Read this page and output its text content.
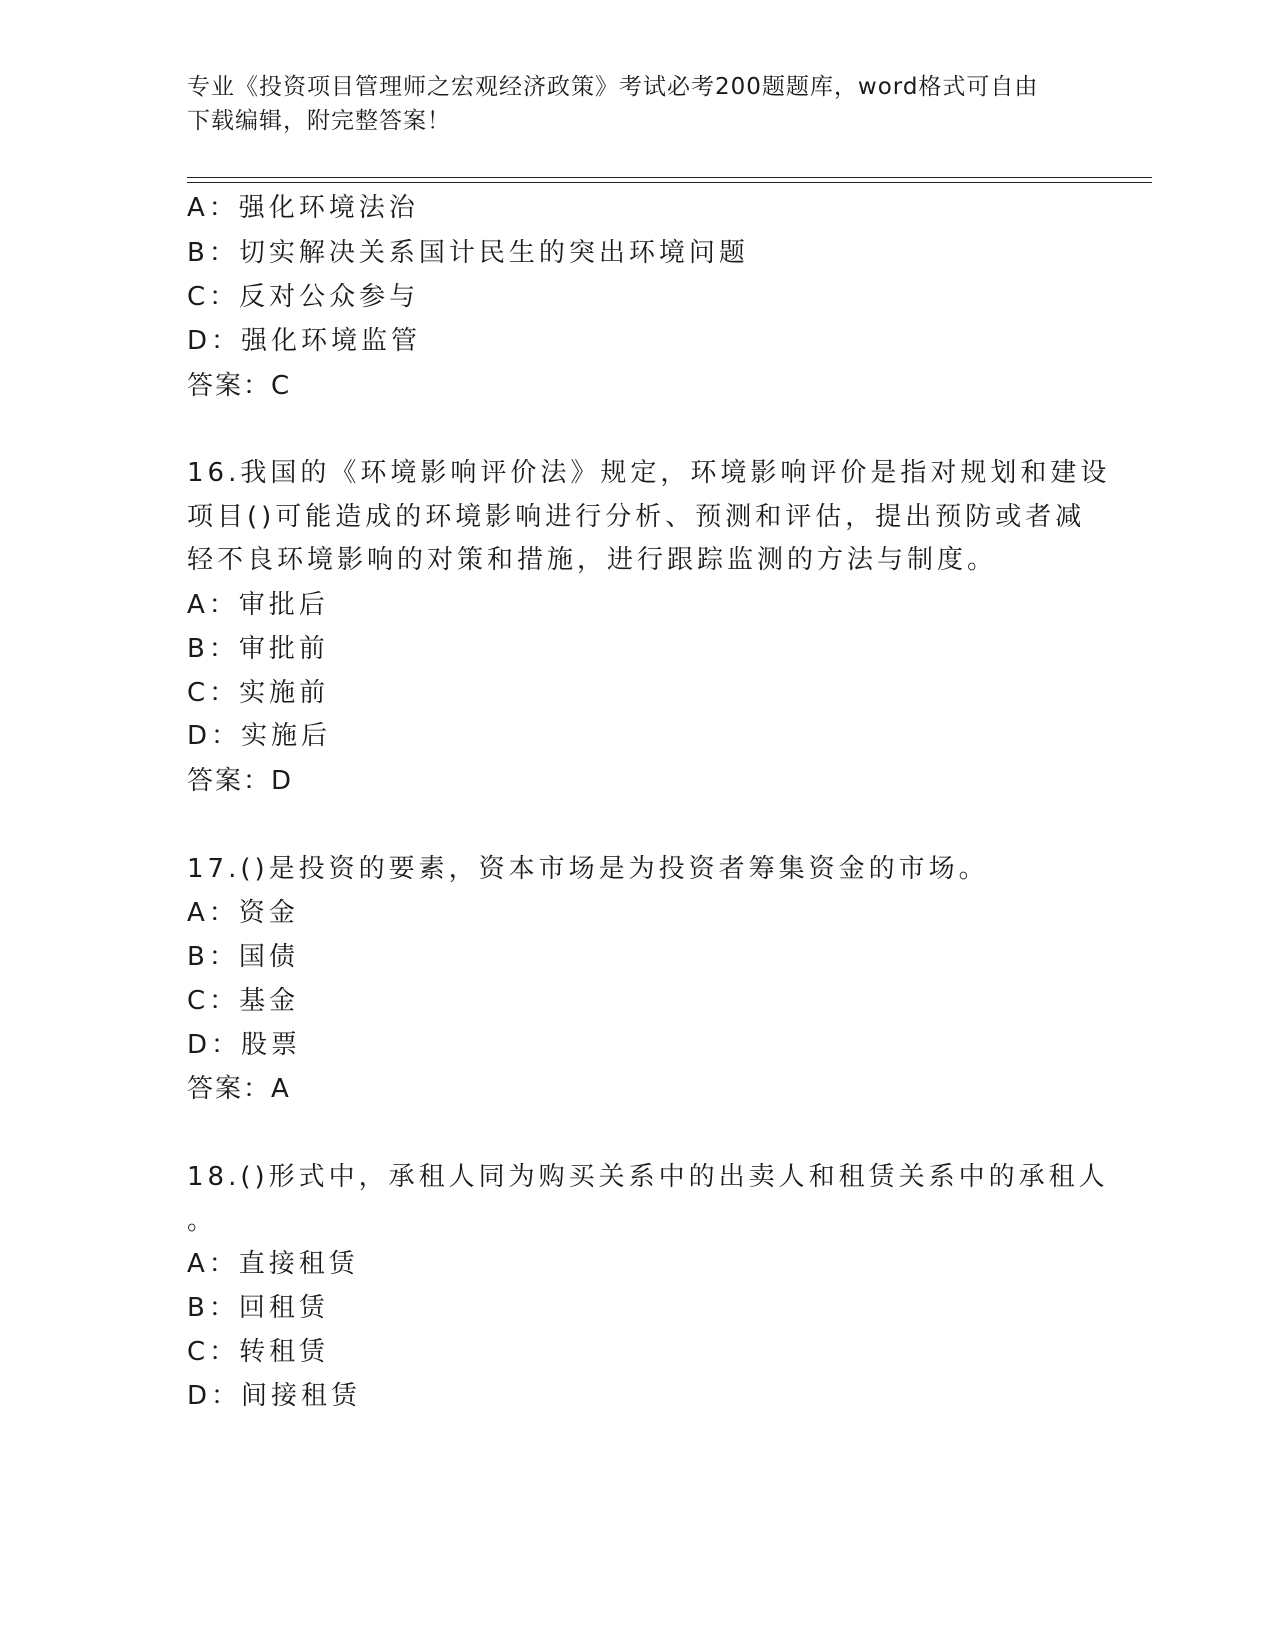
专业《投资项目管理师之宏观经济政策》考试必考200题题库，word格式可自由
下载编辑，附完整答案！
A：强化环境法治
B：切实解决关系国计民生的突出环境问题
C：反对公众参与
D：强化环境监管
答案：C
16.我国的《环境影响评价法》规定，环境影响评价是指对规划和建设
项目()可能造成的环境影响进行分析、预测和评估，提出预防或者减
轻不良环境影响的对策和措施，进行跟踪监测的方法与制度。
A：审批后
B：审批前
C：实施前
D：实施后
答案：D
17.()是投资的要素，资本市场是为投资者筹集资金的市场。
A：资金
B：国债
C：基金
D：股票
答案：A
18.()形式中，承租人同为购买关系中的出卖人和租赁关系中的承租人
。
A：直接租赁
B：回租赁
C：转租赁
D：间接租赁
